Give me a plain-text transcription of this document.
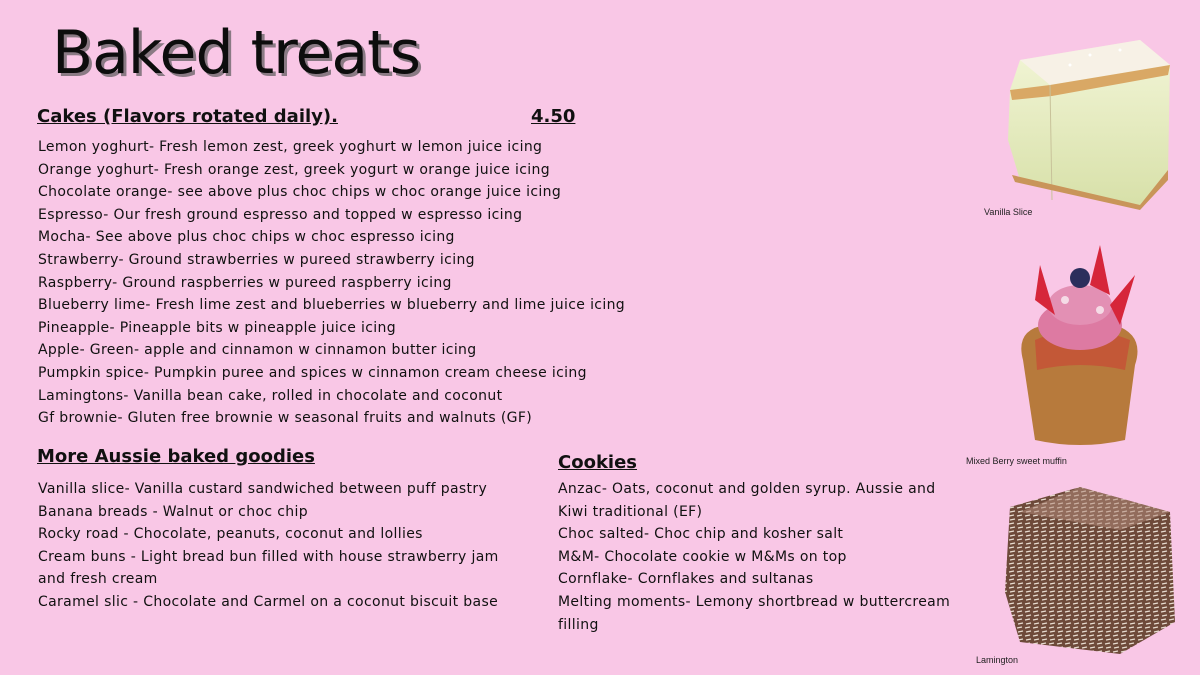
Baked treats
Cakes (Flavors rotated daily).	4.50
Lemon yoghurt- Fresh lemon zest, greek yoghurt w lemon juice icing
Orange yoghurt- Fresh orange zest, greek yogurt w orange juice icing
Chocolate orange- see above plus choc chips w choc orange juice icing
Espresso- Our fresh ground espresso and topped w espresso icing
Mocha- See above plus choc chips w choc espresso icing
Strawberry- Ground strawberries w pureed strawberry icing
Raspberry- Ground raspberries w pureed raspberry icing
Blueberry lime- Fresh lime zest and blueberries w blueberry and lime juice icing
Pineapple- Pineapple bits w pineapple juice icing
Apple- Green- apple and cinnamon w cinnamon butter icing
Pumpkin spice- Pumpkin puree and spices w cinnamon cream cheese icing
Lamingtons- Vanilla bean cake, rolled in chocolate and coconut
Gf brownie- Gluten free brownie w seasonal fruits and walnuts (GF)
More Aussie baked goodies
Vanilla slice- Vanilla custard sandwiched between puff pastry
Banana breads - Walnut or choc chip
Rocky road - Chocolate, peanuts, coconut and lollies
Cream buns - Light bread bun filled with house strawberry jam and fresh cream
Caramel slic - Chocolate and Carmel on a coconut biscuit base
Cookies
Anzac- Oats, coconut and golden syrup. Aussie and Kiwi traditional (EF)
Choc salted- Choc chip and kosher salt
M&M- Chocolate cookie w M&Ms on top
Cornflake- Cornflakes and sultanas
Melting moments- Lemony shortbread w buttercream filling
Vanilla Slice
Mixed Berry sweet muffin
Lamington
